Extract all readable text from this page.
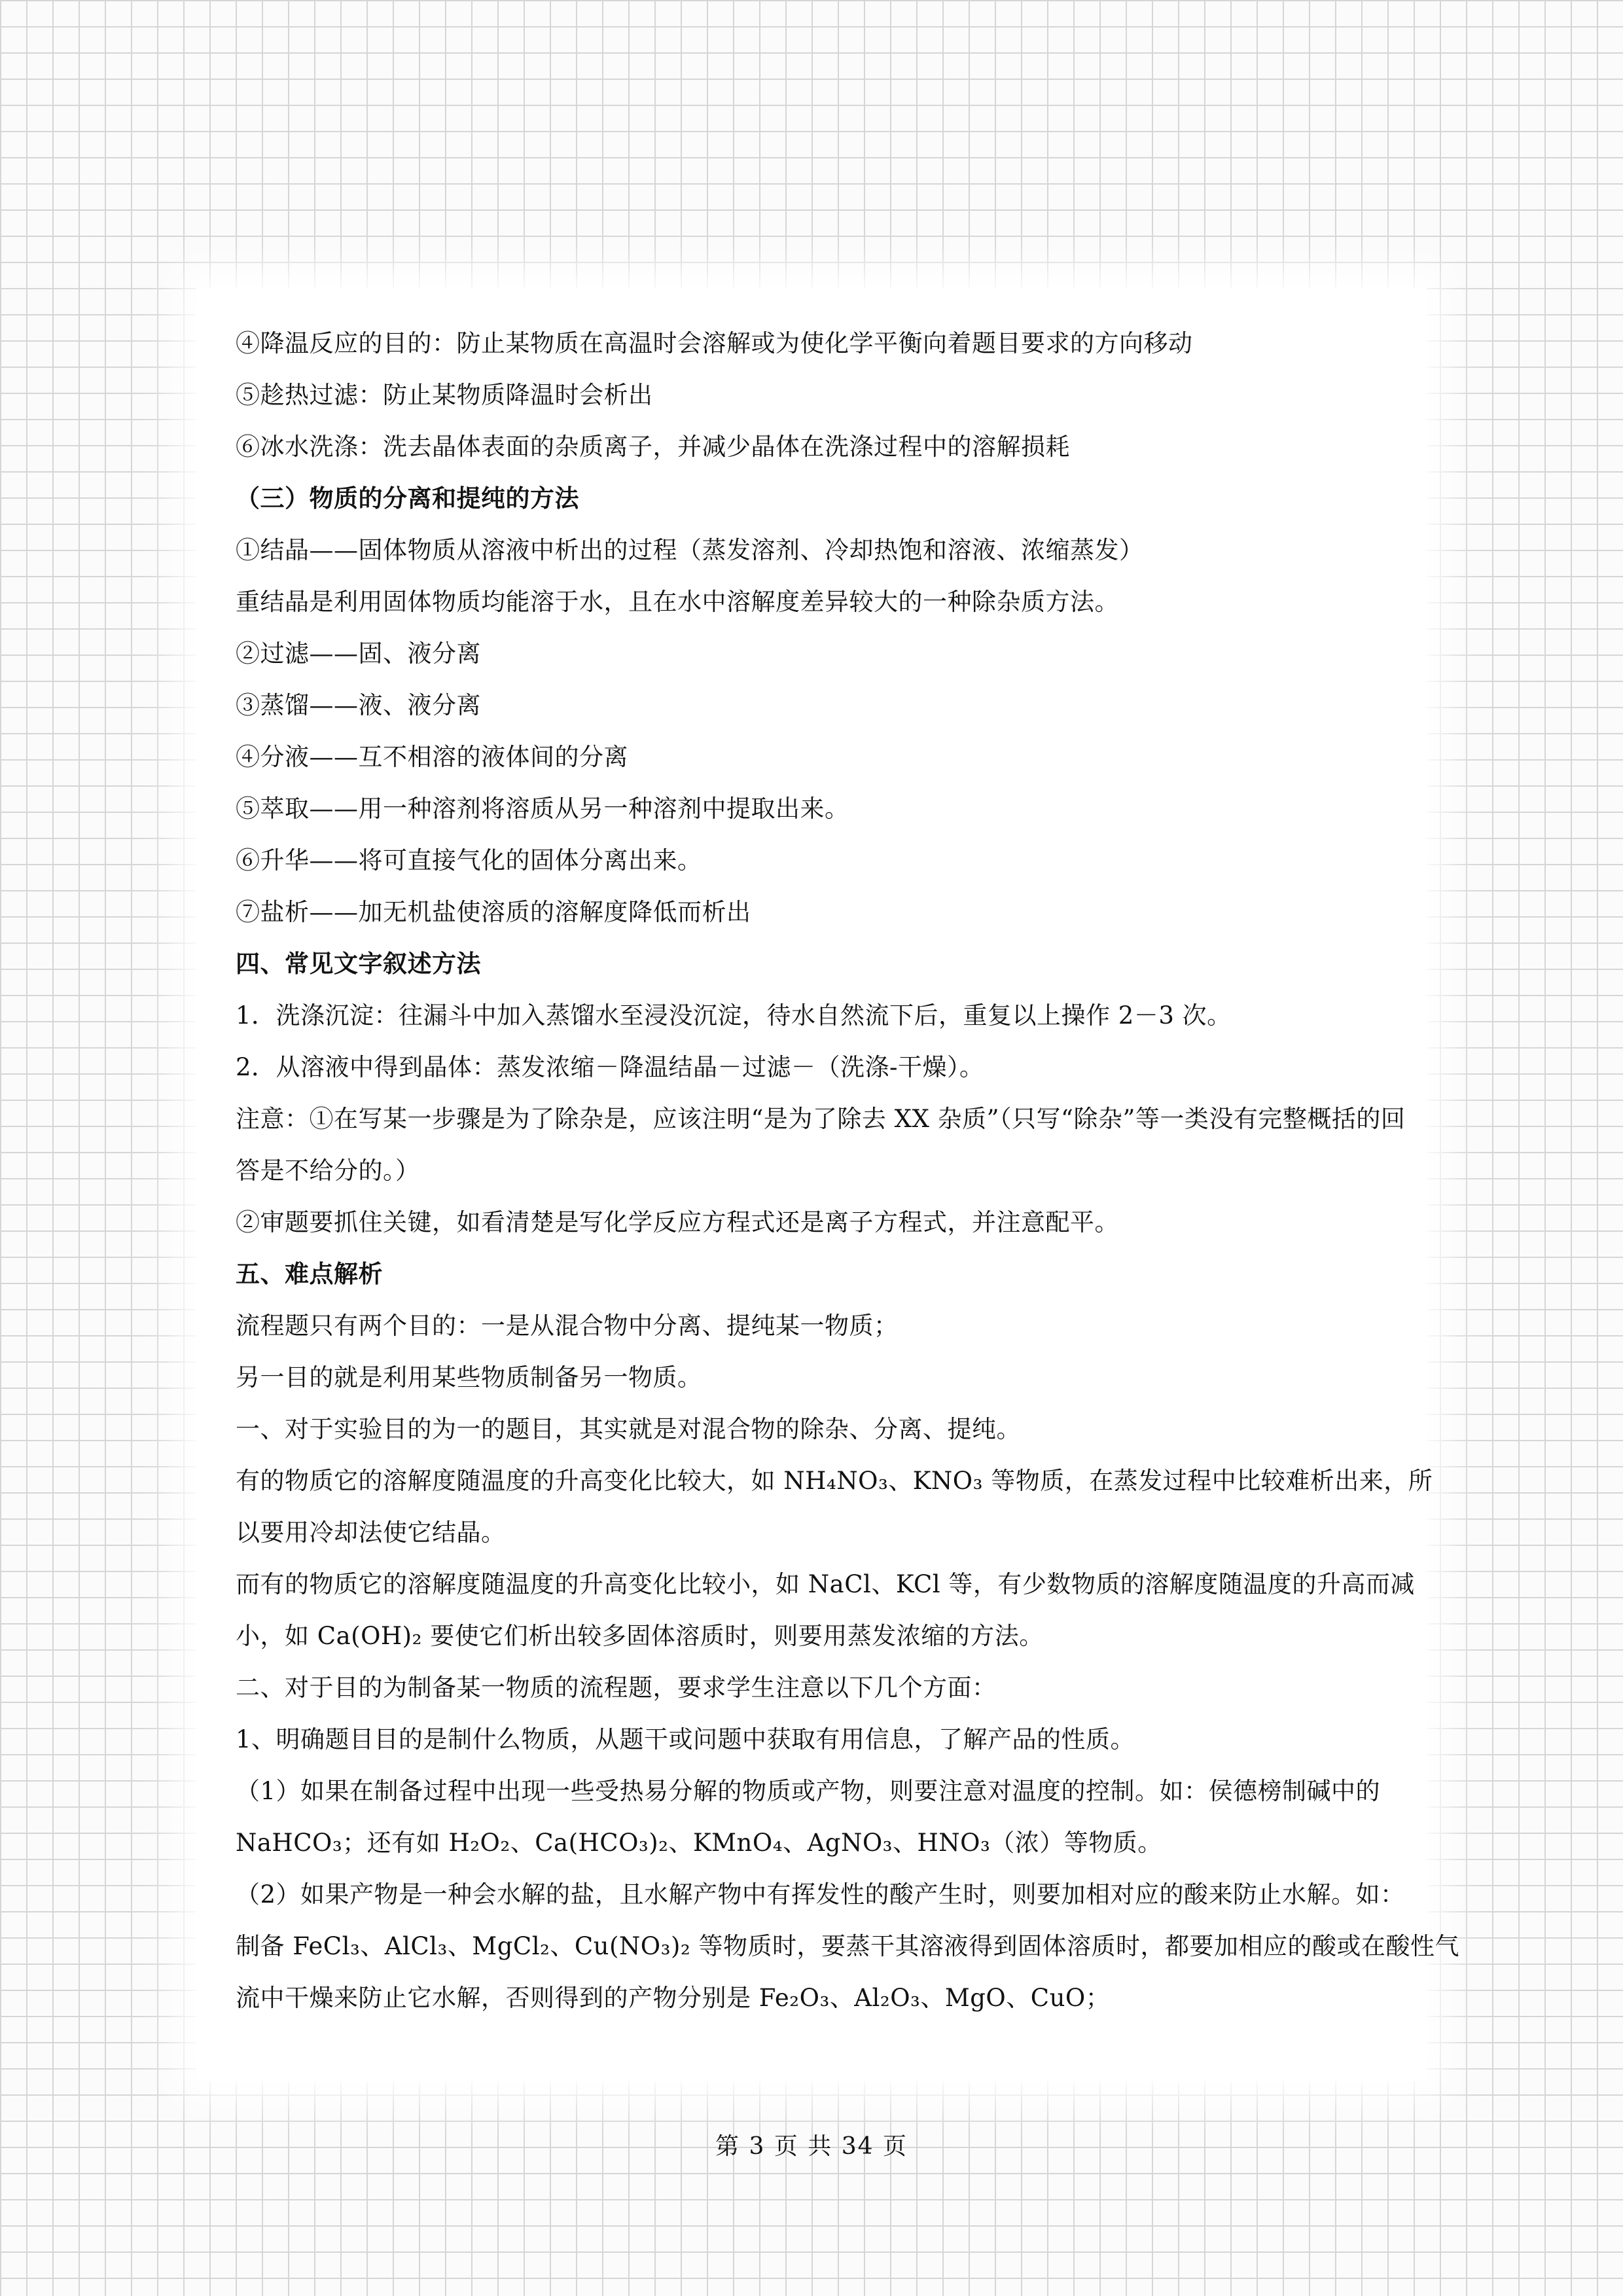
④降温反应的目的：防止某物质在高温时会溶解或为使化学平衡向着题目要求的方向移动
⑤趁热过滤：防止某物质降温时会析出
⑥冰水洗涤：洗去晶体表面的杂质离子，并减少晶体在洗涤过程中的溶解损耗
（三）物质的分离和提纯的方法
①结晶——固体物质从溶液中析出的过程（蒸发溶剂、冷却热饱和溶液、浓缩蒸发）
重结晶是利用固体物质均能溶于水，且在水中溶解度差异较大的一种除杂质方法。
②过滤——固、液分离
③蒸馏——液、液分离
④分液——互不相溶的液体间的分离
⑤萃取——用一种溶剂将溶质从另一种溶剂中提取出来。
⑥升华——将可直接气化的固体分离出来。
⑦盐析——加无机盐使溶质的溶解度降低而析出
四、常见文字叙述方法
1．洗涤沉淀：往漏斗中加入蒸馏水至浸没沉淀，待水自然流下后，重复以上操作 2－3 次。
2．从溶液中得到晶体：蒸发浓缩－降温结晶－过滤－（洗涤-干燥）。
注意：①在写某一步骤是为了除杂是，应该注明“是为了除去 XX 杂质”（只写“除杂”等一类没有完整概括的回
答是不给分的。）
②审题要抓住关键，如看清楚是写化学反应方程式还是离子方程式，并注意配平。
五、难点解析
流程题只有两个目的：一是从混合物中分离、提纯某一物质；
另一目的就是利用某些物质制备另一物质。
一、对于实验目的为一的题目，其实就是对混合物的除杂、分离、提纯。
有的物质它的溶解度随温度的升高变化比较大，如 NH₄NO₃、KNO₃ 等物质，在蒸发过程中比较难析出来，所
以要用冷却法使它结晶。
而有的物质它的溶解度随温度的升高变化比较小，如 NaCl、KCl 等，有少数物质的溶解度随温度的升高而减
小，如 Ca(OH)₂ 要使它们析出较多固体溶质时，则要用蒸发浓缩的方法。
二、对于目的为制备某一物质的流程题，要求学生注意以下几个方面：
1、明确题目目的是制什么物质，从题干或问题中获取有用信息，了解产品的性质。
（1）如果在制备过程中出现一些受热易分解的物质或产物，则要注意对温度的控制。如：侯德榜制碱中的
NaHCO₃；还有如 H₂O₂、Ca(HCO₃)₂、KMnO₄、AgNO₃、HNO₃（浓）等物质。
（2）如果产物是一种会水解的盐，且水解产物中有挥发性的酸产生时，则要加相对应的酸来防止水解。如：
制备 FeCl₃、AlCl₃、MgCl₂、Cu(NO₃)₂ 等物质时，要蒸干其溶液得到固体溶质时，都要加相应的酸或在酸性气
流中干燥来防止它水解，否则得到的产物分别是 Fe₂O₃、Al₂O₃、MgO、CuO；
第 3 页 共 34 页
